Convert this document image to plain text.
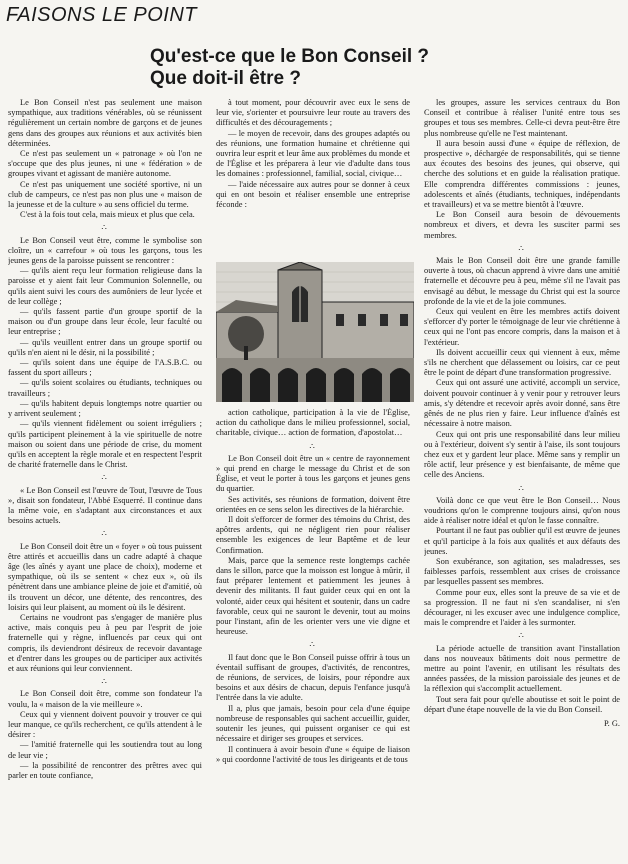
FAISONS LE POINT
Qu'est-ce que le Bon Conseil ?
Que doit-il être ?

Le Bon Conseil n'est pas seulement une maison sympathique, aux traditions vénérables, où se réunissent régulièrement un certain nombre de garçons et de jeunes gens dans des groupes aux réunions et aux activités bien déterminées.

Ce n'est pas seulement un « patronage » où l'on ne s'occupe que des plus jeunes, ni une « fédération » de groupes vivant et agissant de manière autonome.

Ce n'est pas uniquement une société sportive, ni un club de campeurs, ce n'est pas non plus une « maison de la jeunesse et de la culture » au sens officiel du terme.

C'est à la fois tout cela, mais mieux et plus que cela.

∴

Le Bon Conseil veut être, comme le symbolise son cloître, un « carrefour » où tous les garçons, tous les jeunes gens de la paroisse puissent se rencontrer :

— qu'ils aient reçu leur formation religieuse dans la paroisse et y aient fait leur Communion Solennelle, ou qu'ils aient suivi les cours des aumôniers de leur lycée et de leur collège ;

— qu'ils fassent partie d'un groupe sportif de la maison ou d'un groupe dans leur école, leur faculté ou leur entreprise ;

— qu'ils veuillent entrer dans un groupe sportif ou qu'ils n'en aient ni le désir, ni la possibilité ;

— qu'ils soient dans une équipe de l'A.S.B.C. ou fassent du sport ailleurs ;

— qu'ils soient scolaires ou étudiants, techniques ou travailleurs ;

— qu'ils habitent depuis longtemps notre quartier ou y arrivent seulement ;

— qu'ils viennent fidèlement ou soient irréguliers ; qu'ils participent pleinement à la vie spirituelle de notre maison ou soient dans une période de crise, du moment qu'ils en acceptent la règle morale et en respectent l'esprit de charité fraternelle dans le Christ.

∴

« Le Bon Conseil est l'œuvre de Tout, l'œuvre de Tous », disait son fondateur, l'Abbé Esquerré. Il continue dans la même voie, en s'adaptant aux circonstances et aux besoins actuels.

∴

Le Bon Conseil doit être un « foyer » où tous puissent être attirés et accueillis dans un cadre adapté à chaque âge (les aînés y ayant une place de choix), moderne et sympathique, où ils se sentent « chez eux », où ils pénètrent dans une ambiance pleine de joie et d'amitié, où ils trouvent un décor, une détente, des rencontres, des loisirs qui leur plaisent, au moment où ils le désirent.

Certains ne voudront pas s'engager de manière plus active, mais conquis peu à peu par l'esprit de joie fraternelle qui y règne, influencés par ceux qui ont compris, ils deviendront désireux de recevoir davantage et d'entrer dans les groupes ou de participer aux activités et aux réunions qui leur conviennent.

∴

Le Bon Conseil doit être, comme son fondateur l'a voulu, la « maison de la vie meilleure ».

Ceux qui y viennent doivent pouvoir y trouver ce qui leur manque, ce qu'ils recherchent, ce qu'ils attendent à le désirer :

— l'amitié fraternelle qui les soutiendra tout au long de leur vie ;

— la possibilité de rencontrer des prêtres avec qui parler en toute confiance,

à tout moment, pour découvrir avec eux le sens de leur vie, s'orienter et poursuivre leur route au travers des difficultés et des découragements ;

— le moyen de recevoir, dans des groupes adaptés ou des réunions, une formation humaine et chrétienne qui ouvrira leur esprit et leur âme aux problèmes du monde et de l'Église et les préparera à leur vie d'adulte dans tous les domaines : professionnel, familial, social, civique…

— l'aide nécessaire aux autres pour se donner à ceux qui en ont besoin et réaliser ensemble une entreprise féconde :

action catholique, participation à la vie de l'Église, action du catholique dans le milieu professionnel, social, charitable, civique… action de formation, d'apostolat…

∴

Le Bon Conseil doit être un « centre de rayonnement » qui prend en charge le message du Christ et de son Église, et veut le porter à tous les garçons et jeunes gens du quartier.

Ses activités, ses réunions de formation, doivent être orientées en ce sens selon les directives de la hiérarchie.

Il doit s'efforcer de former des témoins du Christ, des apôtres ardents, qui ne négligent rien pour réaliser ensemble les exigences de leur Baptême et de leur Confirmation.

Mais, parce que la semence reste longtemps cachée dans le sillon, parce que la moisson est longue à mûrir, il faut préparer lentement et patiemment les jeunes à devenir des militants. Il faut guider ceux qui en ont la volonté, aider ceux qui hésitent et soutenir, dans un cadre favorable, ceux qui ne sauront le devenir, tout au moins pour l'instant, afin de les orienter vers une vie digne et heureuse.

∴

Il faut donc que le Bon Conseil puisse offrir à tous un éventail suffisant de groupes, d'activités, de rencontres, de réunions, de services, de loisirs, pour répondre aux besoins et aux désirs de chacun, depuis l'enfance jusqu'à l'entrée dans la vie adulte.

Il a, plus que jamais, besoin pour cela d'une équipe nombreuse de responsables qui sachent accueillir, guider, soutenir les jeunes, qui puissent organiser ce qui est nécessaire et diriger ses groupes et services.

Il continuera à avoir besoin d'une « équipe de liaison » qui coordonne l'activité de tous les dirigeants et de tous

les groupes, assure les services centraux du Bon Conseil et contribue à réaliser l'unité entre tous ses groupes et tous ses membres. Celle-ci devra peut-être être plus nombreuse qu'elle ne l'est maintenant.

Il aura besoin aussi d'une « équipe de réflexion, de prospective », déchargée de responsabilités, qui se tienne aux écoutes des besoins des jeunes, qui observe, qui cherche des solutions et en guide la réalisation pratique. Elle comprendra différentes commissions : jeunes, adolescents et aînés (étudiants, techniques, indépendants et travailleurs) et va se mettre bientôt à l'œuvre.

Le Bon Conseil aura besoin de dévouements nombreux et divers, et devra les susciter parmi ses membres.

∴

Mais le Bon Conseil doit être une grande famille ouverte à tous, où chacun apprend à vivre dans une amitié fraternelle et découvre peu à peu, même s'il ne l'avait pas envisagé au début, le message du Christ qui est la source profonde de la vie et de la joie communes.

Ceux qui veulent en être les membres actifs doivent s'efforcer d'y porter le témoignage de leur vie chrétienne à ceux qui ne l'ont pas encore compris, dans la maison et à l'extérieur.

Ils doivent accueillir ceux qui viennent à eux, même s'ils ne cherchent que délassement ou loisirs, car ce peut être le point de départ d'une transformation progressive.

Ceux qui ont assuré une activité, accompli un service, doivent pouvoir continuer à y venir pour y retrouver leurs amis, s'y détendre et recevoir après avoir donné, sans être gênés de ne plus rien y faire. Leur influence d'aînés est nécessaire à notre maison.

Ceux qui ont pris une responsabilité dans leur milieu ou à l'extérieur, doivent s'y sentir à l'aise, ils sont toujours chez eux et y gardent leur place. Même sans y remplir un rôle actif, leur présence y est bienfaisante, de même que celle des Anciens.

∴

Voilà donc ce que veut être le Bon Conseil… Nous voudrions qu'on le comprenne toujours ainsi, qu'on nous aide à réaliser notre idéal et qu'on le fasse connaître.

Pourtant il ne faut pas oublier qu'il est œuvre de jeunes et qu'il participe à la fois aux qualités et aux défauts des jeunes.

Son exubérance, son agitation, ses maladresses, ses faiblesses parfois, ressemblent aux crises de croissance par lesquelles passent ses membres.

Comme pour eux, elles sont la preuve de sa vie et de sa progression. Il ne faut ni s'en scandaliser, ni s'en décourager, ni les excuser avec une indulgence complice, mais le comprendre et l'aider à les surmonter.

∴

La période actuelle de transition avant l'installation dans nos nouveaux bâtiments doit nous permettre de mettre au point l'avenir, en utilisant les résultats des années passées, de la mission paroissiale des jeunes et de la réflexion qui s'accomplit actuellement.

Tout sera fait pour qu'elle aboutisse et soit le point de départ d'une étape nouvelle de la vie du Bon Conseil.

P. G.
